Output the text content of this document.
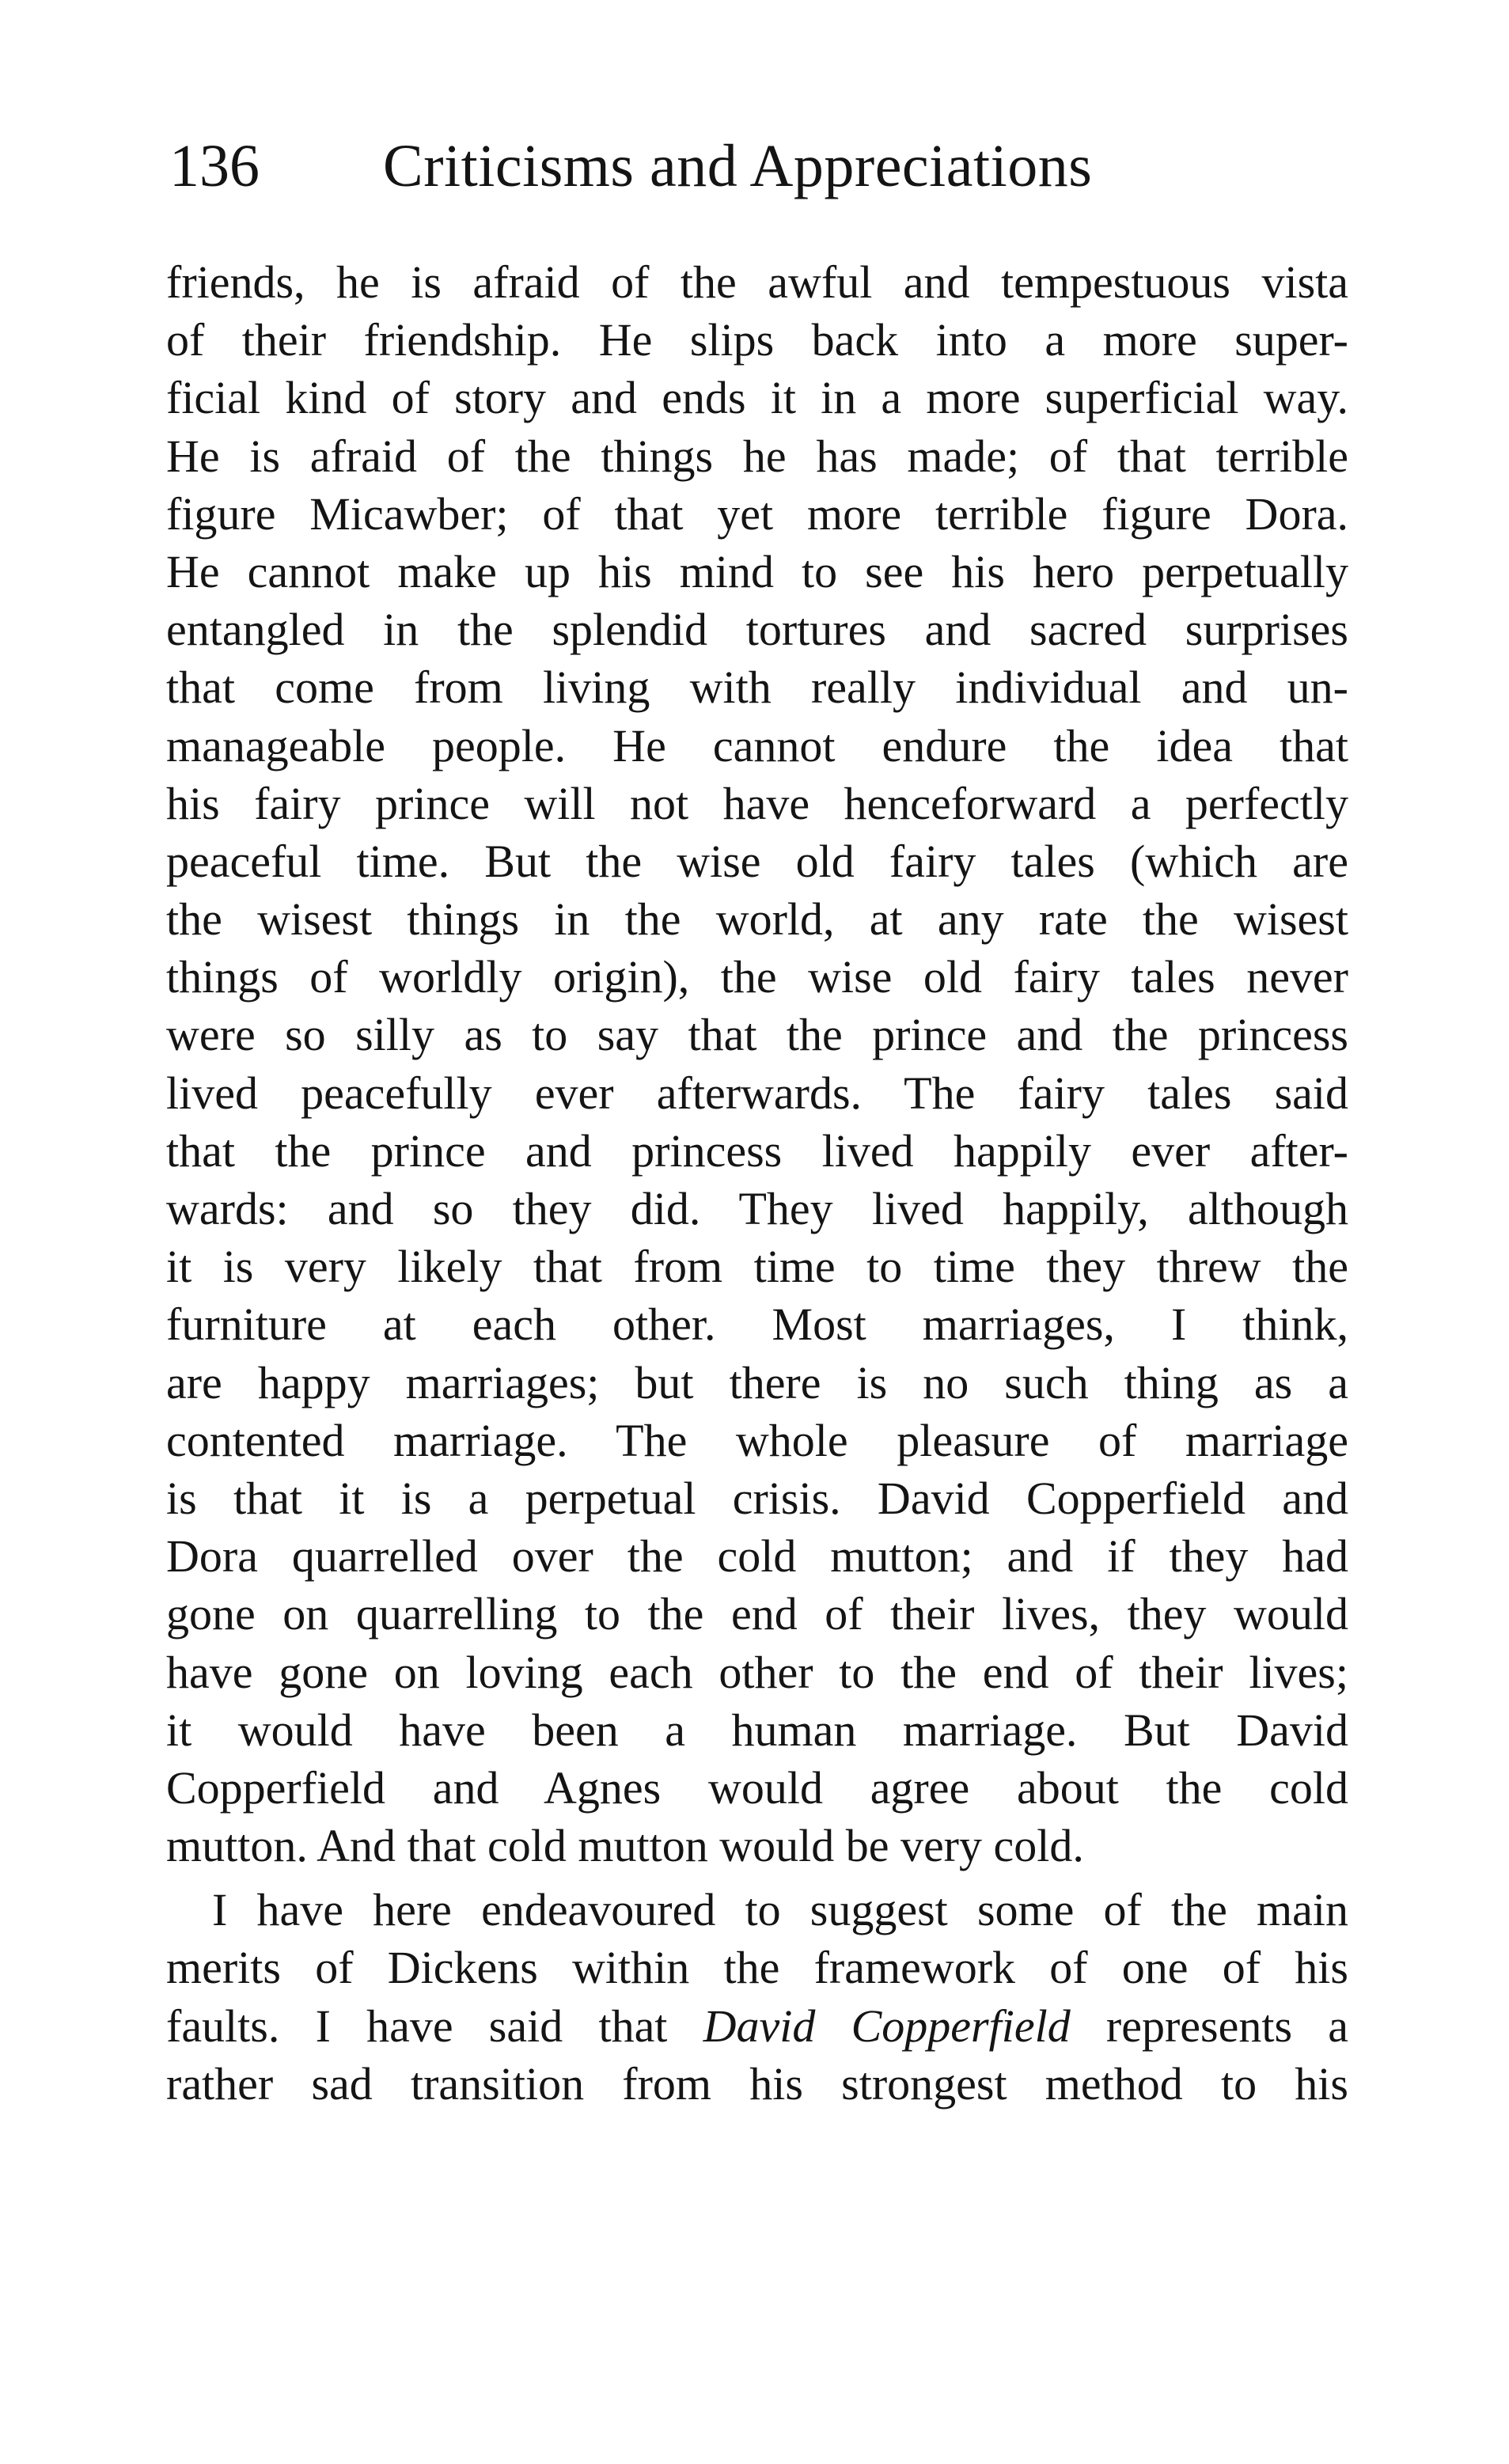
136 Criticisms and Appreciations
friends, he is afraid of the awful and tempestuous vista
of their friendship. He slips back into a more super-
ficial kind of story and ends it in a more superficial way.
He is afraid of the things he has made; of that terrible
figure Micawber; of that yet more terrible figure Dora.
He cannot make up his mind to see his hero perpetually
entangled in the splendid tortures and sacred surprises
that come from living with really individual and un-
manageable people. He cannot endure the idea that
his fairy prince will not have henceforward a perfectly
peaceful time. But the wise old fairy tales (which are
the wisest things in the world, at any rate the wisest
things of worldly origin), the wise old fairy tales never
were so silly as to say that the prince and the princess
lived peacefully ever afterwards. The fairy tales said
that the prince and princess lived happily ever after-
wards: and so they did. They lived happily, although
it is very likely that from time to time they threw the
furniture at each other. Most marriages, I think,
are happy marriages; but there is no such thing as a
contented marriage. The whole pleasure of marriage
is that it is a perpetual crisis. David Copperfield and
Dora quarrelled over the cold mutton; and if they had
gone on quarrelling to the end of their lives, they would
have gone on loving each other to the end of their lives;
it would have been a human marriage. But David
Copperfield and Agnes would agree about the cold
mutton. And that cold mutton would be very cold.
I have here endeavoured to suggest some of the main
merits of Dickens within the framework of one of his
faults. I have said that David Copperfield represents a
rather sad transition from his strongest method to his
